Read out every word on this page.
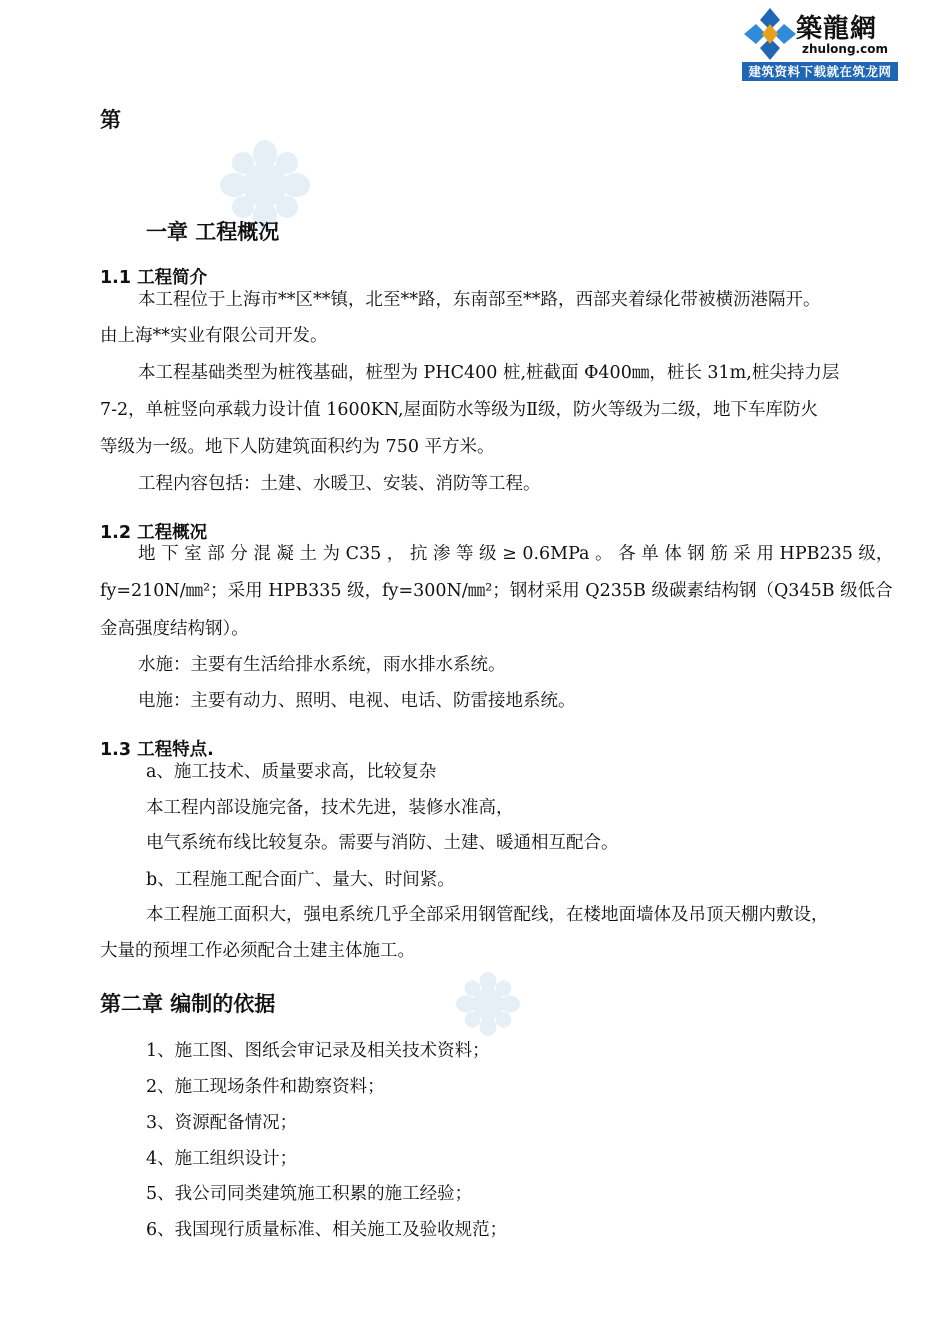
築龍網
zhulong.com
建筑资料下载就在筑龙网
第
一章 工程概况
1.1 工程简介
本工程位于上海市**区**镇，北至**路，东南部至**路，西部夹着绿化带被横沥港隔开。
由上海**实业有限公司开发。
本工程基础类型为桩筏基础，桩型为 PHC400 桩,桩截面 Φ400㎜，桩长 31m,桩尖持力层
7-2，单桩竖向承载力设计值 1600KN,屋面防水等级为Ⅱ级，防火等级为二级，地下车库防火
等级为一级。地下人防建筑面积约为 750 平方米。
工程内容包括：土建、水暖卫、安装、消防等工程。
1.2 工程概况
地 下 室 部 分 混 凝 土 为 C35 ， 抗 渗 等 级 ≥ 0.6MPa 。 各 单 体 钢 筋 采 用 HPB235 级，
fy=210N/㎜²；采用 HPB335 级，fy=300N/㎜²；钢材采用 Q235B 级碳素结构钢（Q345B 级低合
金高强度结构钢）。
水施：主要有生活给排水系统，雨水排水系统。
电施：主要有动力、照明、电视、电话、防雷接地系统。
1.3 工程特点.
a、施工技术、质量要求高，比较复杂
本工程内部设施完备，技术先进，装修水准高，
电气系统布线比较复杂。需要与消防、土建、暖通相互配合。
b、工程施工配合面广、量大、时间紧。
本工程施工面积大，强电系统几乎全部采用钢管配线，在楼地面墙体及吊顶天棚内敷设，
大量的预埋工作必须配合土建主体施工。
第二章 编制的依据
1、施工图、图纸会审记录及相关技术资料；
2、施工现场条件和勘察资料；
3、资源配备情况；
4、施工组织设计；
5、我公司同类建筑施工积累的施工经验；
6、我国现行质量标准、相关施工及验收规范；
